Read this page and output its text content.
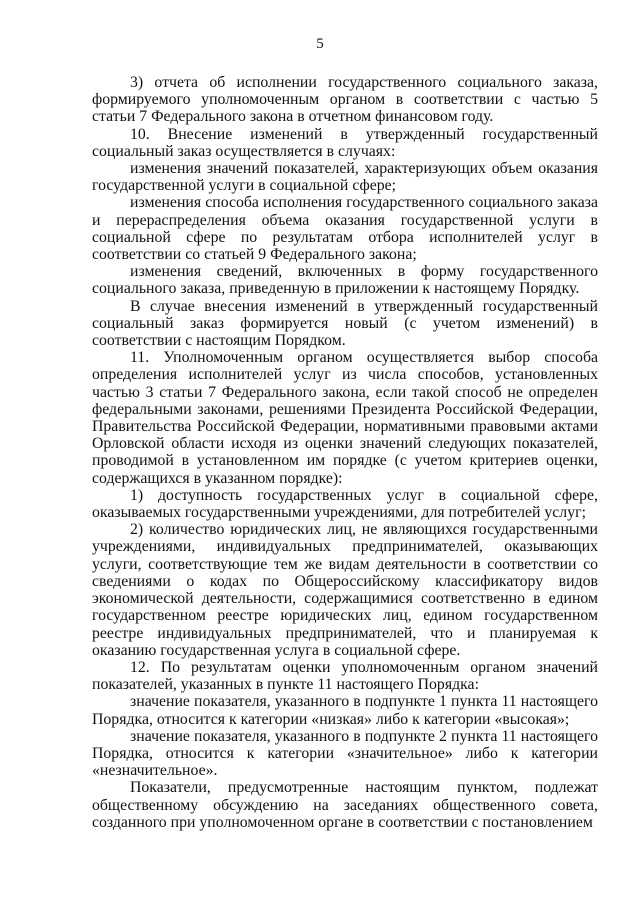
5

3) отчета об исполнении государственного социального заказа, формируемого уполномоченным органом в соответствии с частью 5 статьи 7 Федерального закона в отчетном финансовом году.

10. Внесение изменений в утвержденный государственный социальный заказ осуществляется в случаях:

изменения значений показателей, характеризующих объем оказания государственной услуги в социальной сфере;

изменения способа исполнения государственного социального заказа и перераспределения объема оказания государственной услуги в социальной сфере по результатам отбора исполнителей услуг в соответствии со статьей 9 Федерального закона;

изменения сведений, включенных в форму государственного социального заказа, приведенную в приложении к настоящему Порядку.

В случае внесения изменений в утвержденный государственный социальный заказ формируется новый (с учетом изменений) в соответствии с настоящим Порядком.

11. Уполномоченным органом осуществляется выбор способа определения исполнителей услуг из числа способов, установленных частью 3 статьи 7 Федерального закона, если такой способ не определен федеральными законами, решениями Президента Российской Федерации, Правительства Российской Федерации, нормативными правовыми актами Орловской области исходя из оценки значений следующих показателей, проводимой в установленном им порядке (с учетом критериев оценки, содержащихся в указанном порядке):

1) доступность государственных услуг в социальной сфере, оказываемых государственными учреждениями, для потребителей услуг;

2) количество юридических лиц, не являющихся государственными учреждениями, индивидуальных предпринимателей, оказывающих услуги, соответствующие тем же видам деятельности в соответствии со сведениями о кодах по Общероссийскому классификатору видов экономической деятельности, содержащимися соответственно в едином государственном реестре юридических лиц, едином государственном реестре индивидуальных предпринимателей, что и планируемая к оказанию государственная услуга в социальной сфере.

12. По результатам оценки уполномоченным органом значений показателей, указанных в пункте 11 настоящего Порядка:

значение показателя, указанного в подпункте 1 пункта 11 настоящего Порядка, относится к категории «низкая» либо к категории «высокая»;

значение показателя, указанного в подпункте 2 пункта 11 настоящего Порядка, относится к категории «значительное» либо к категории «незначительное».

Показатели, предусмотренные настоящим пунктом, подлежат общественному обсуждению на заседаниях общественного совета, созданного при уполномоченном органе в соответствии с постановлением
